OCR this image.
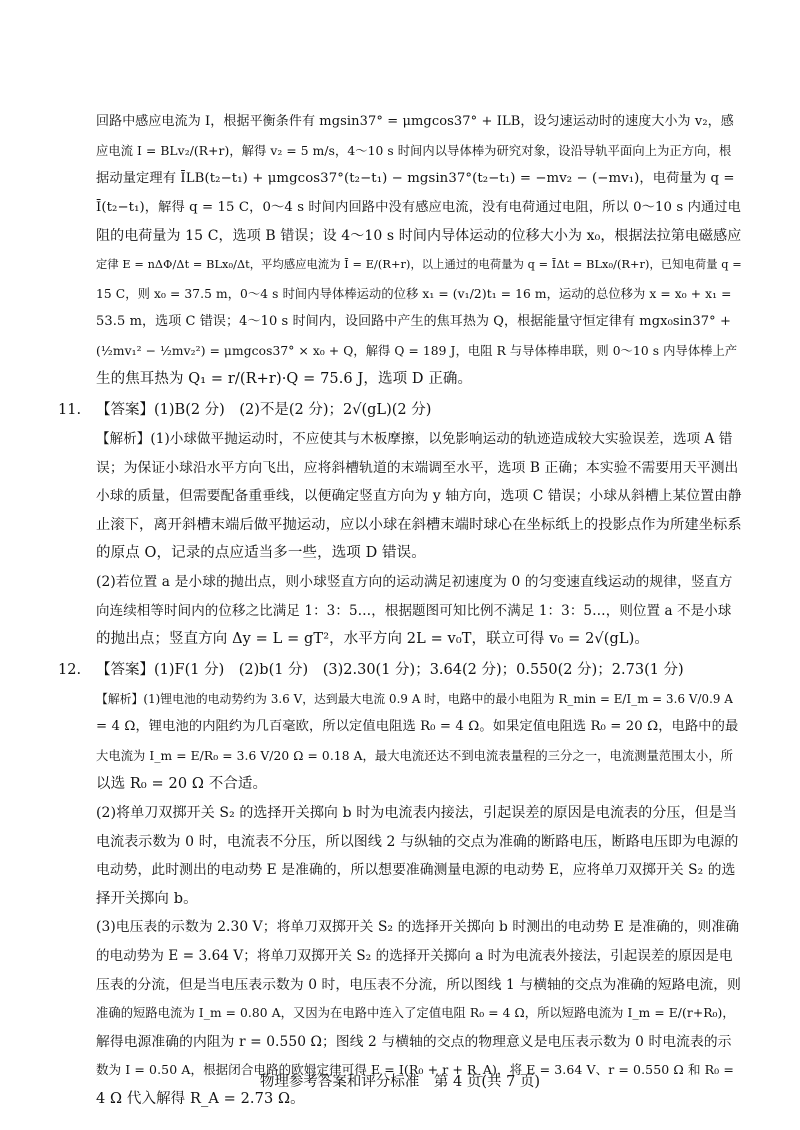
回路中感应电流为 I，根据平衡条件有 mgsin37° = μmgcos37° + ILB，设匀速运动时的速度大小为 v₂，感

应电流 I = BLv₂/(R+r)，解得 v₂ = 5 m/s，4～10 s 时间内以导体棒为研究对象，设沿导轨平面向上为正方向，根

据动量定理有 ĪLB(t₂−t₁) + μmgcos37°(t₂−t₁) − mgsin37°(t₂−t₁) = −mv₂ − (−mv₁)，电荷量为 q =

Ī(t₂−t₁)，解得 q = 15 C，0～4 s 时间内回路中没有感应电流，没有电荷通过电阻，所以 0～10 s 内通过电

阻的电荷量为 15 C，选项 B 错误；设 4～10 s 时间内导体运动的位移大小为 x₀，根据法拉第电磁感应

定律 E = nΔΦ/Δt = BLx₀/Δt，平均感应电流为 Ī = E/(R+r)，以上通过的电荷量为 q = ĪΔt = BLx₀/(R+r)，已知电荷量 q =

15 C，则 x₀ = 37.5 m，0～4 s 时间内导体棒运动的位移 x₁ = (v₁/2)t₁ = 16 m，运动的总位移为 x = x₀ + x₁ =

53.5 m，选项 C 错误；4～10 s 时间内，设回路中产生的焦耳热为 Q，根据能量守恒定律有 mgx₀sin37° +

(½mv₁² − ½mv₂²) = μmgcos37° × x₀ + Q，解得 Q = 189 J，电阻 R 与导体棒串联，则 0～10 s 内导体棒上产

生的焦耳热为 Q₁ = r/(R+r)·Q = 75.6 J，选项 D 正确。

11. 【答案】(1)B(2 分)　(2)不是(2 分)；2√(gL)(2 分)

【解析】(1)小球做平抛运动时，不应使其与木板摩擦，以免影响运动的轨迹造成较大实验误差，选项 A 错

误；为保证小球沿水平方向飞出，应将斜槽轨道的末端调至水平，选项 B 正确；本实验不需要用天平测出

小球的质量，但需要配备重垂线，以便确定竖直方向为 y 轴方向，选项 C 错误；小球从斜槽上某位置由静

止滚下，离开斜槽末端后做平抛运动，应以小球在斜槽末端时球心在坐标纸上的投影点作为所建坐标系

的原点 O，记录的点应适当多一些，选项 D 错误。

(2)若位置 a 是小球的抛出点，则小球竖直方向的运动满足初速度为 0 的匀变速直线运动的规律，竖直方

向连续相等时间内的位移之比满足 1：3：5…，根据题图可知比例不满足 1：3：5…，则位置 a 不是小球

的抛出点；竖直方向 Δy = L = gT²，水平方向 2L = v₀T，联立可得 v₀ = 2√(gL)。

12. 【答案】(1)F(1 分)　(2)b(1 分)　(3)2.30(1 分)；3.64(2 分)；0.550(2 分)；2.73(1 分)

【解析】(1)锂电池的电动势约为 3.6 V，达到最大电流 0.9 A 时，电路中的最小电阻为 R_min = E/I_m = 3.6 V/0.9 A

= 4 Ω，锂电池的内阻约为几百毫欧，所以定值电阻选 R₀ = 4 Ω。如果定值电阻选 R₀ = 20 Ω，电路中的最

大电流为 I_m = E/R₀ = 3.6 V/20 Ω = 0.18 A，最大电流还达不到电流表量程的三分之一，电流测量范围太小，所

以选 R₀ = 20 Ω 不合适。

(2)将单刀双掷开关 S₂ 的选择开关掷向 b 时为电流表内接法，引起误差的原因是电流表的分压，但是当

电流表示数为 0 时，电流表不分压，所以图线 2 与纵轴的交点为准确的断路电压，断路电压即为电源的

电动势，此时测出的电动势 E 是准确的，所以想要准确测量电源的电动势 E，应将单刀双掷开关 S₂ 的选

择开关掷向 b。

(3)电压表的示数为 2.30 V；将单刀双掷开关 S₂ 的选择开关掷向 b 时测出的电动势 E 是准确的，则准确

的电动势为 E = 3.64 V；将单刀双掷开关 S₂ 的选择开关掷向 a 时为电流表外接法，引起误差的原因是电

压表的分流，但是当电压表示数为 0 时，电压表不分流，所以图线 1 与横轴的交点为准确的短路电流，则

准确的短路电流为 I_m = 0.80 A，又因为在电路中连入了定值电阻 R₀ = 4 Ω，所以短路电流为 I_m = E/(r+R₀)，

解得电源准确的内阻为 r = 0.550 Ω；图线 2 与横轴的交点的物理意义是电压表示数为 0 时电流表的示

数为 I = 0.50 A，根据闭合电路的欧姆定律可得 E = I(R₀ + r + R_A)，将 E = 3.64 V、r = 0.550 Ω 和 R₀ =

4 Ω 代入解得 R_A = 2.73 Ω。

物理参考答案和评分标准　第 4 页(共 7 页)
